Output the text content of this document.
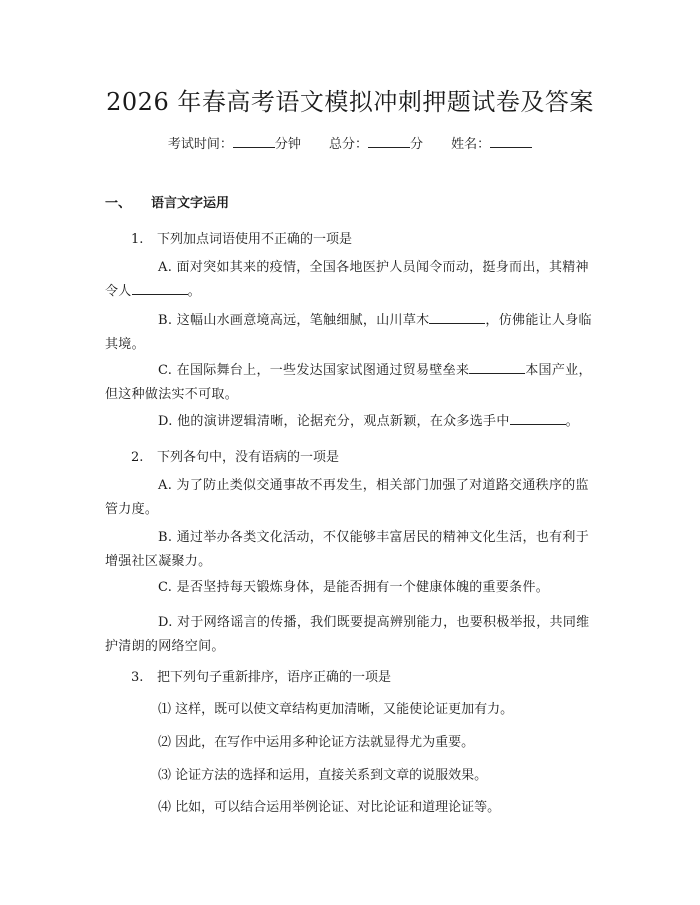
2026 年春高考语文模拟冲刺押题试卷及答案
考试时间：	分钟 总分：	分 姓名：
一、 语言文字运用
1. 下列加点词语使用不正确的一项是
A. 面对突如其来的疫情，全国各地医护人员闻令而动，挺身而出，其精神令人	。
B. 这幅山水画意境高远，笔触细腻，山川草木	，仿佛能让人身临其境。
C. 在国际舞台上，一些发达国家试图通过贸易壁垒来	本国产业，但这种做法实不可取。
D. 他的演讲逻辑清晰，论据充分，观点新颖，在众多选手中	。
2. 下列各句中，没有语病的一项是
A. 为了防止类似交通事故不再发生，相关部门加强了对道路交通秩序的监管力度。
B. 通过举办各类文化活动，不仅能够丰富居民的精神文化生活，也有利于增强社区凝聚力。
C. 是否坚持每天锻炼身体，是能否拥有一个健康体魄的重要条件。
D. 对于网络谣言的传播，我们既要提高辨别能力，也要积极举报，共同维护清朗的网络空间。
3. 把下列句子重新排序，语序正确的一项是
⑴ 这样，既可以使文章结构更加清晰，又能使论证更加有力。
⑵ 因此，在写作中运用多种论证方法就显得尤为重要。
⑶ 论证方法的选择和运用，直接关系到文章的说服效果。
⑷ 比如，可以结合运用举例论证、对比论证和道理论证等。
